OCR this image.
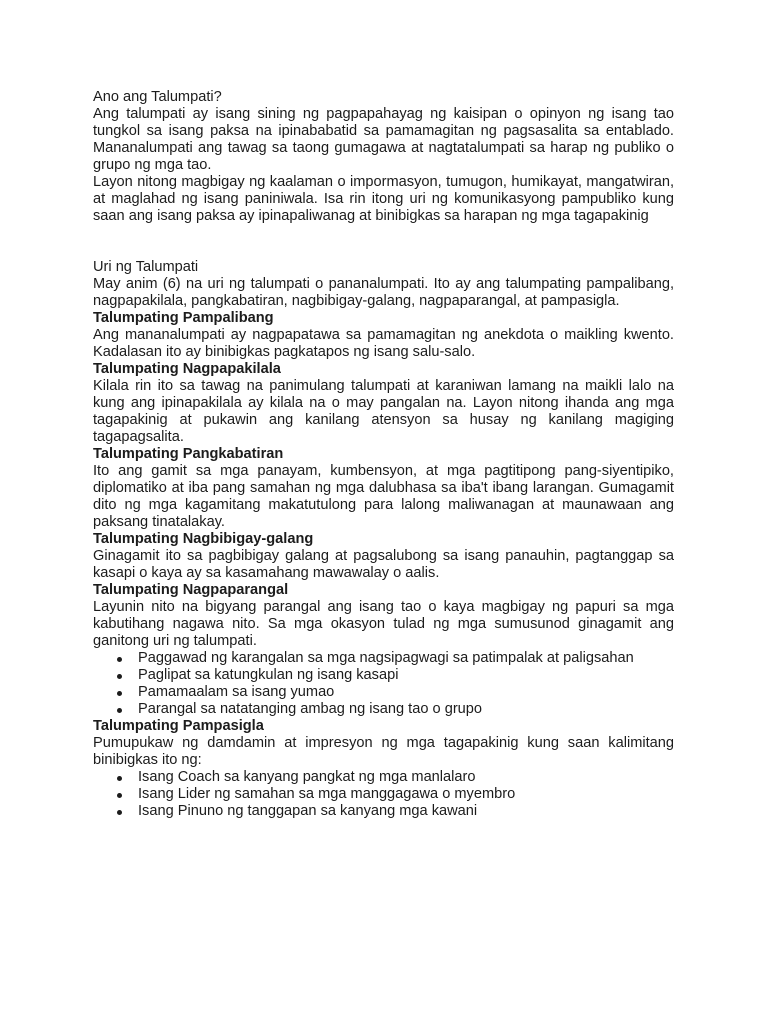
Ano ang Talumpati?

Ang talumpati ay isang sining ng pagpapahayag ng kaisipan o opinyon ng isang tao tungkol sa isang paksa na ipinababatid sa pamamagitan ng pagsasalita sa entablado. Mananalumpati ang tawag sa taong gumagawa at nagtatalumpati sa harap ng publiko o grupo ng mga tao.

Layon nitong magbigay ng kaalaman o impormasyon, tumugon, humikayat, mangatwiran, at maglahad ng isang paniniwala. Isa rin itong uri ng komunikasyong pampubliko kung saan ang isang paksa ay ipinapaliwanag at binibigkas sa harapan ng mga tagapakinig

Uri ng Talumpati

May anim (6) na uri ng talumpati o pananalumpati. Ito ay ang talumpating pampalibang, nagpapakilala, pangkabatiran, nagbibigay-galang, nagpaparangal, at pampasigla.

Talumpating Pampalibang

Ang mananalumpati ay nagpapatawa sa pamamagitan ng anekdota o maikling kwento. Kadalasan ito ay binibigkas pagkatapos ng isang salu-salo.

Talumpating Nagpapakilala

Kilala rin ito sa tawag na panimulang talumpati at karaniwan lamang na maikli lalo na kung ang ipinapakilala ay kilala na o may pangalan na. Layon nitong ihanda ang mga tagapakinig at pukawin ang kanilang atensyon sa husay ng kanilang magiging tagapagsalita.

Talumpating Pangkabatiran

Ito ang gamit sa mga panayam, kumbensyon, at mga pagtitipong pang-siyentipiko, diplomatiko at iba pang samahan ng mga dalubhasa sa iba't ibang larangan. Gumagamit dito ng mga kagamitang makatutulong para lalong maliwanagan at maunawaan ang paksang tinatalakay.

Talumpating Nagbibigay-galang

Ginagamit ito sa pagbibigay galang at pagsalubong sa isang panauhin, pagtanggap sa kasapi o kaya ay sa kasamahang mawawalay o aalis.

Talumpating Nagpaparangal

Layunin nito na bigyang parangal ang isang tao o kaya magbigay ng papuri sa mga kabutihang nagawa nito. Sa mga okasyon tulad ng mga sumusunod ginagamit ang ganitong uri ng talumpati.

Paggawad ng karangalan sa mga nagsipagwagi sa patimpalak at paligsahan
Paglipat sa katungkulan ng isang kasapi
Pamamaalam sa isang yumao
Parangal sa natatanging ambag ng isang tao o grupo

Talumpating Pampasigla

Pumupukaw ng damdamin at impresyon ng mga tagapakinig kung saan kalimitang binibigkas ito ng:

Isang Coach sa kanyang pangkat ng mga manlalaro
Isang Lider ng samahan sa mga manggagawa o myembro
Isang Pinuno ng tanggapan sa kanyang mga kawani
